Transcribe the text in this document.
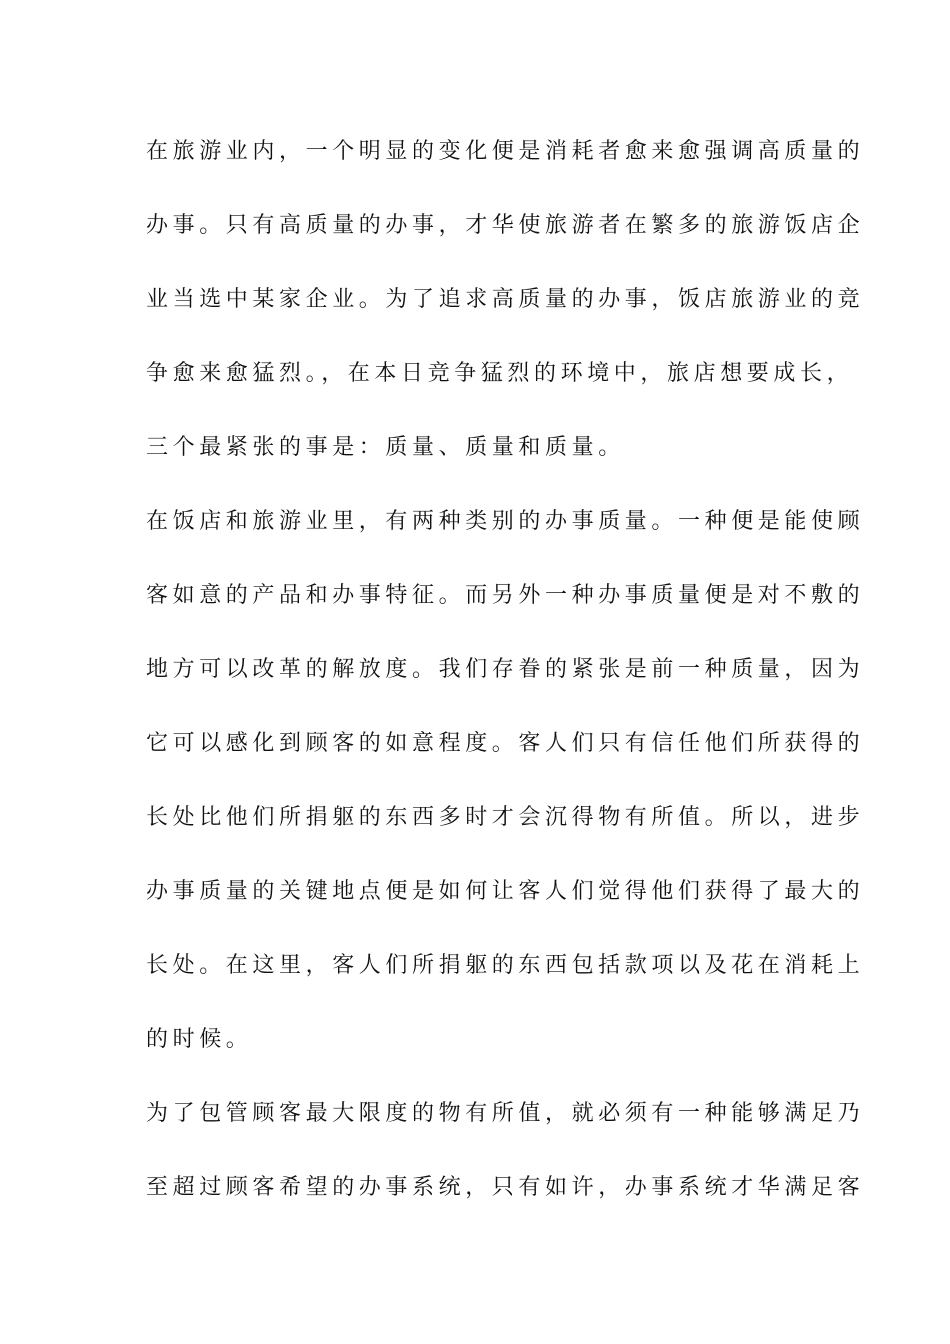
在旅游业内，一个明显的变化便是消耗者愈来愈强调高质量的
办事。只有高质量的办事，才华使旅游者在繁多的旅游饭店企
业当选中某家企业。为了追求高质量的办事，饭店旅游业的竞
争愈来愈猛烈。，在本日竞争猛烈的环境中，旅店想要成长，
三个最紧张的事是：质量、质量和质量。
在饭店和旅游业里，有两种类别的办事质量。一种便是能使顾
客如意的产品和办事特征。而另外一种办事质量便是对不敷的
地方可以改革的解放度。我们存眷的紧张是前一种质量，因为
它可以感化到顾客的如意程度。客人们只有信任他们所获得的
长处比他们所捐躯的东西多时才会沉得物有所值。所以，进步
办事质量的关键地点便是如何让客人们觉得他们获得了最大的
长处。在这里，客人们所捐躯的东西包括款项以及花在消耗上
的时候。
为了包管顾客最大限度的物有所值，就必须有一种能够满足乃
至超过顾客希望的办事系统，只有如许，办事系统才华满足客
